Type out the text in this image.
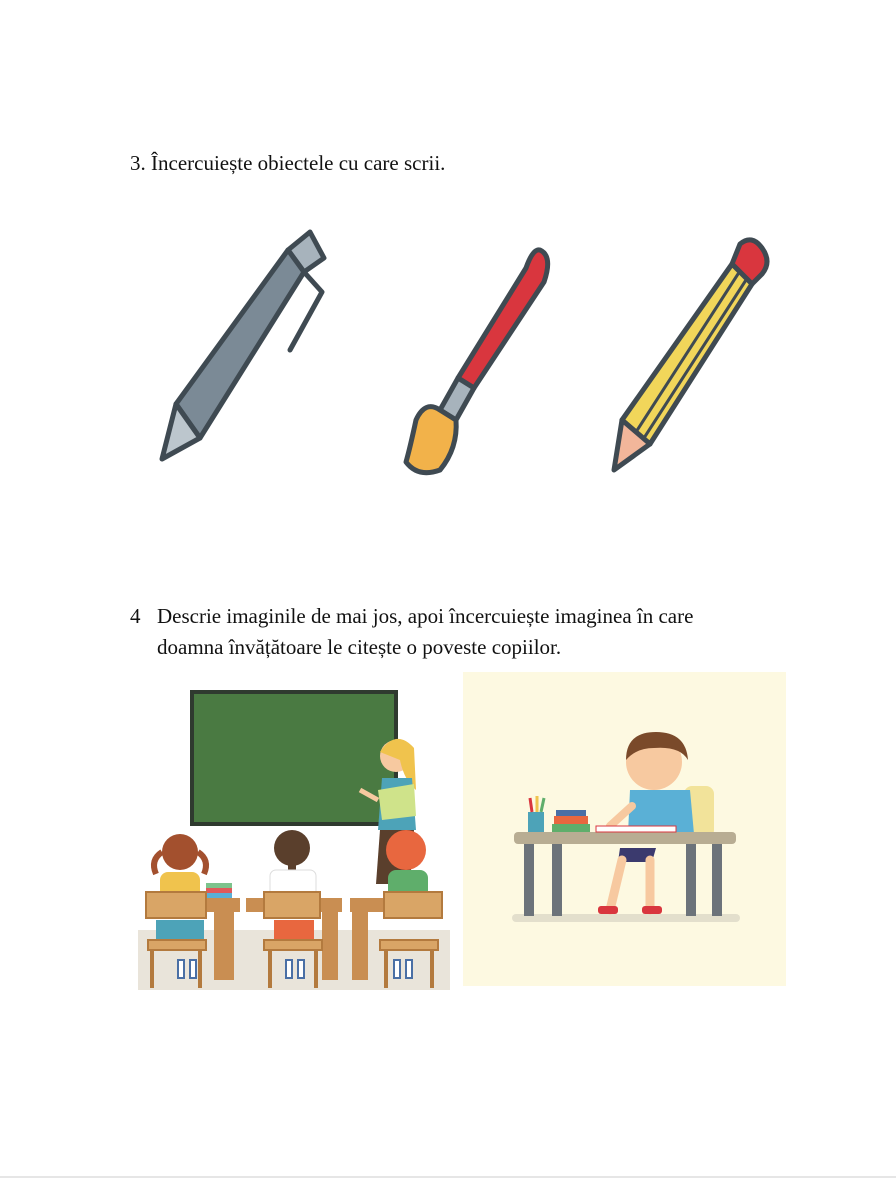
3. Încercuiește obiectele cu care scrii.
4 Descrie imaginile de mai jos, apoi încercuiește imaginea în care
doamna învățătoare le citește o poveste copiilor.
